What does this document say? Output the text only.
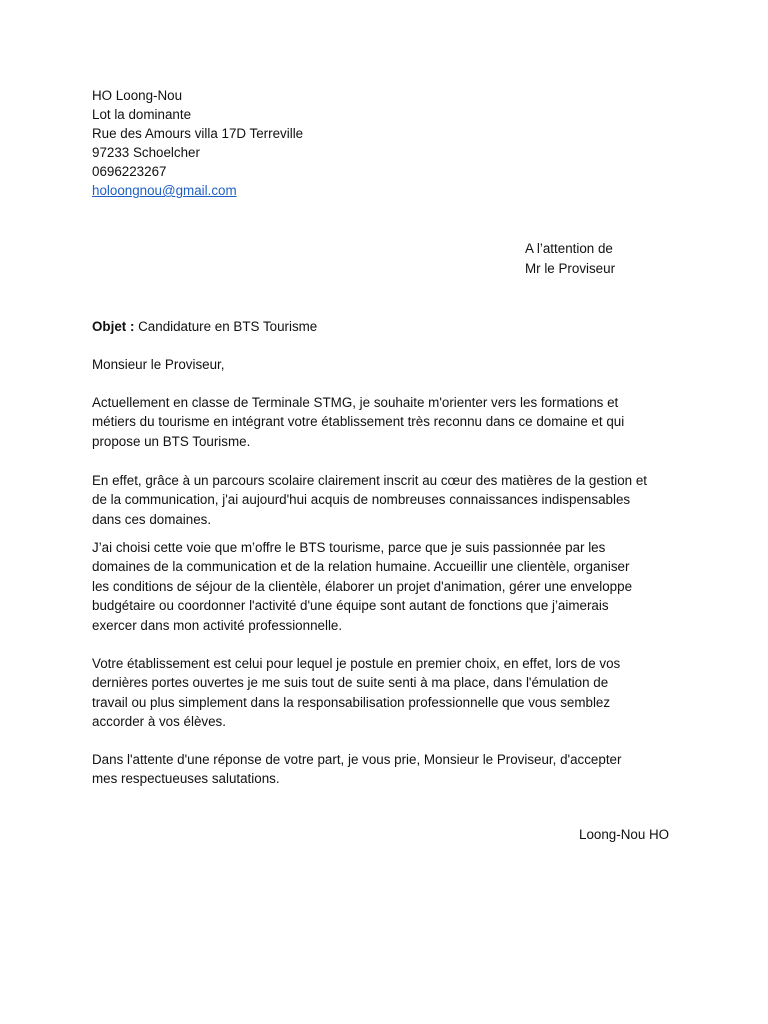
HO Loong-Nou
Lot la dominante
Rue des Amours villa 17D Terreville
97233 Schoelcher
0696223267
holoongnou@gmail.com
A l’attention de
Mr le Proviseur
Objet : Candidature en BTS Tourisme
Monsieur le Proviseur,
Actuellement en classe de Terminale STMG, je souhaite m'orienter vers les formations et
métiers du tourisme en intégrant votre établissement très reconnu dans ce domaine et qui
propose un BTS Tourisme.
En effet, grâce à un parcours scolaire clairement inscrit au cœur des matières de la gestion et
de la communication, j'ai aujourd'hui acquis de nombreuses connaissances indispensables
dans ces domaines.
J’ai choisi cette voie que m’offre le BTS tourisme, parce que je suis passionnée par les
domaines de la communication et de la relation humaine. Accueillir une clientèle, organiser
les conditions de séjour de la clientèle, élaborer un projet d'animation, gérer une enveloppe
budgétaire ou coordonner l'activité d'une équipe sont autant de fonctions que j’aimerais
exercer dans mon activité professionnelle.
Votre établissement est celui pour lequel je postule en premier choix, en effet, lors de vos
dernières portes ouvertes je me suis tout de suite senti à ma place, dans l'émulation de
travail ou plus simplement dans la responsabilisation professionnelle que vous semblez
accorder à vos élèves.
Dans l'attente d'une réponse de votre part, je vous prie, Monsieur le Proviseur, d'accepter
mes respectueuses salutations.
Loong-Nou HO
